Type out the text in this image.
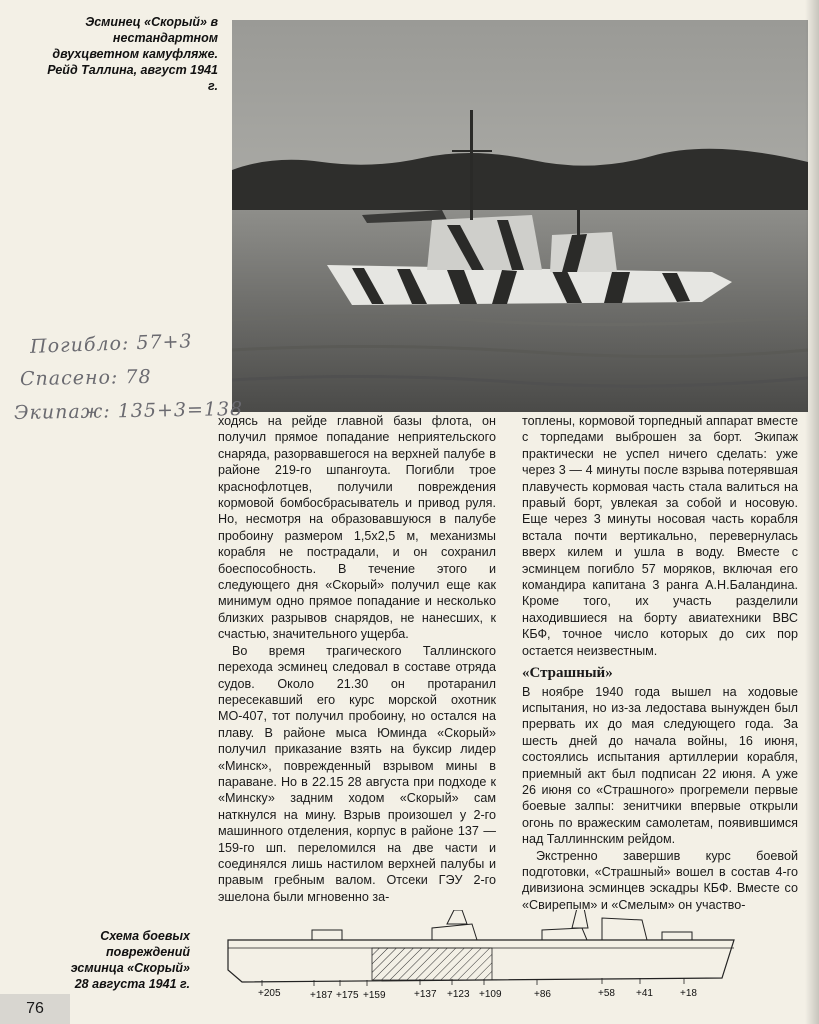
Эсминец «Скорый» в нестандартном двухцветном камуфляже. Рейд Таллина, август 1941 г.
Погибло: 57+3
Спасено: 78
Экипаж: 135+3=138

ходясь на рейде главной базы флота, он получил прямое попадание неприятельского снаряда, разорвавшегося на верхней палубе в районе 219-го шпангоута. Погибли трое краснофлотцев, получили повреждения кормовой бомбосбрасыватель и привод руля. Но, несмотря на образовавшуюся в палубе пробоину размером 1,5х2,5 м, механизмы корабля не пострадали, и он сохранил боеспособность. В течение этого и следующего дня «Скорый» получил еще как минимум одно прямое попадание и несколько близких разрывов снарядов, не нанесших, к счастью, значительного ущерба.

Во время трагического Таллинского перехода эсминец следовал в составе отряда судов. Около 21.30 он протаранил пересекавший его курс морской охотник МО-407, тот получил пробоину, но остался на плаву. В районе мыса Юминда «Скорый» получил приказание взять на буксир лидер «Минск», поврежденный взрывом мины в параване. Но в 22.15 28 августа при подходе к «Минску» задним ходом «Скорый» сам наткнулся на мину. Взрыв произошел у 2-го машинного отделения, корпус в районе 137 — 159-го шп. переломился на две части и соединялся лишь настилом верхней палубы и правым гребным валом. Отсеки ГЭУ 2-го эшелона были мгновенно за-

топлены, кормовой торпедный аппарат вместе с торпедами выброшен за борт. Экипаж практически не успел ничего сделать: уже через 3 — 4 минуты после взрыва потерявшая плавучесть кормовая часть стала валиться на правый борт, увлекая за собой и носовую. Еще через 3 минуты носовая часть корабля встала почти вертикально, перевернулась вверх килем и ушла в воду. Вместе с эсминцем погибло 57 моряков, включая его командира капитана 3 ранга А.Н.Баландина. Кроме того, их участь разделили находившиеся на борту авиатехники ВВС КБФ, точное число которых до сих пор остается неизвестным.

«Страшный»

В ноябре 1940 года вышел на ходовые испытания, но из-за ледостава вынужден был прервать их до мая следующего года. За шесть дней до начала войны, 16 июня, состоялись испытания артиллерии корабля, приемный акт был подписан 22 июня. А уже 26 июня со «Страшного» прогремели первые боевые залпы: зенитчики впервые открыли огонь по вражеским самолетам, появившимся над Таллиннским рейдом.

Экстренно завершив курс боевой подготовки, «Страшный» вошел в состав 4-го дивизиона эсминцев эскадры КБФ. Вместе со «Свирепым» и «Смелым» он участво-

Схема боевых повреждений эсминца «Скорый» 28 августа 1941 г.
+205	+187 +175 +159	+137 +123 +109	+86	+58 +41	+18
76
